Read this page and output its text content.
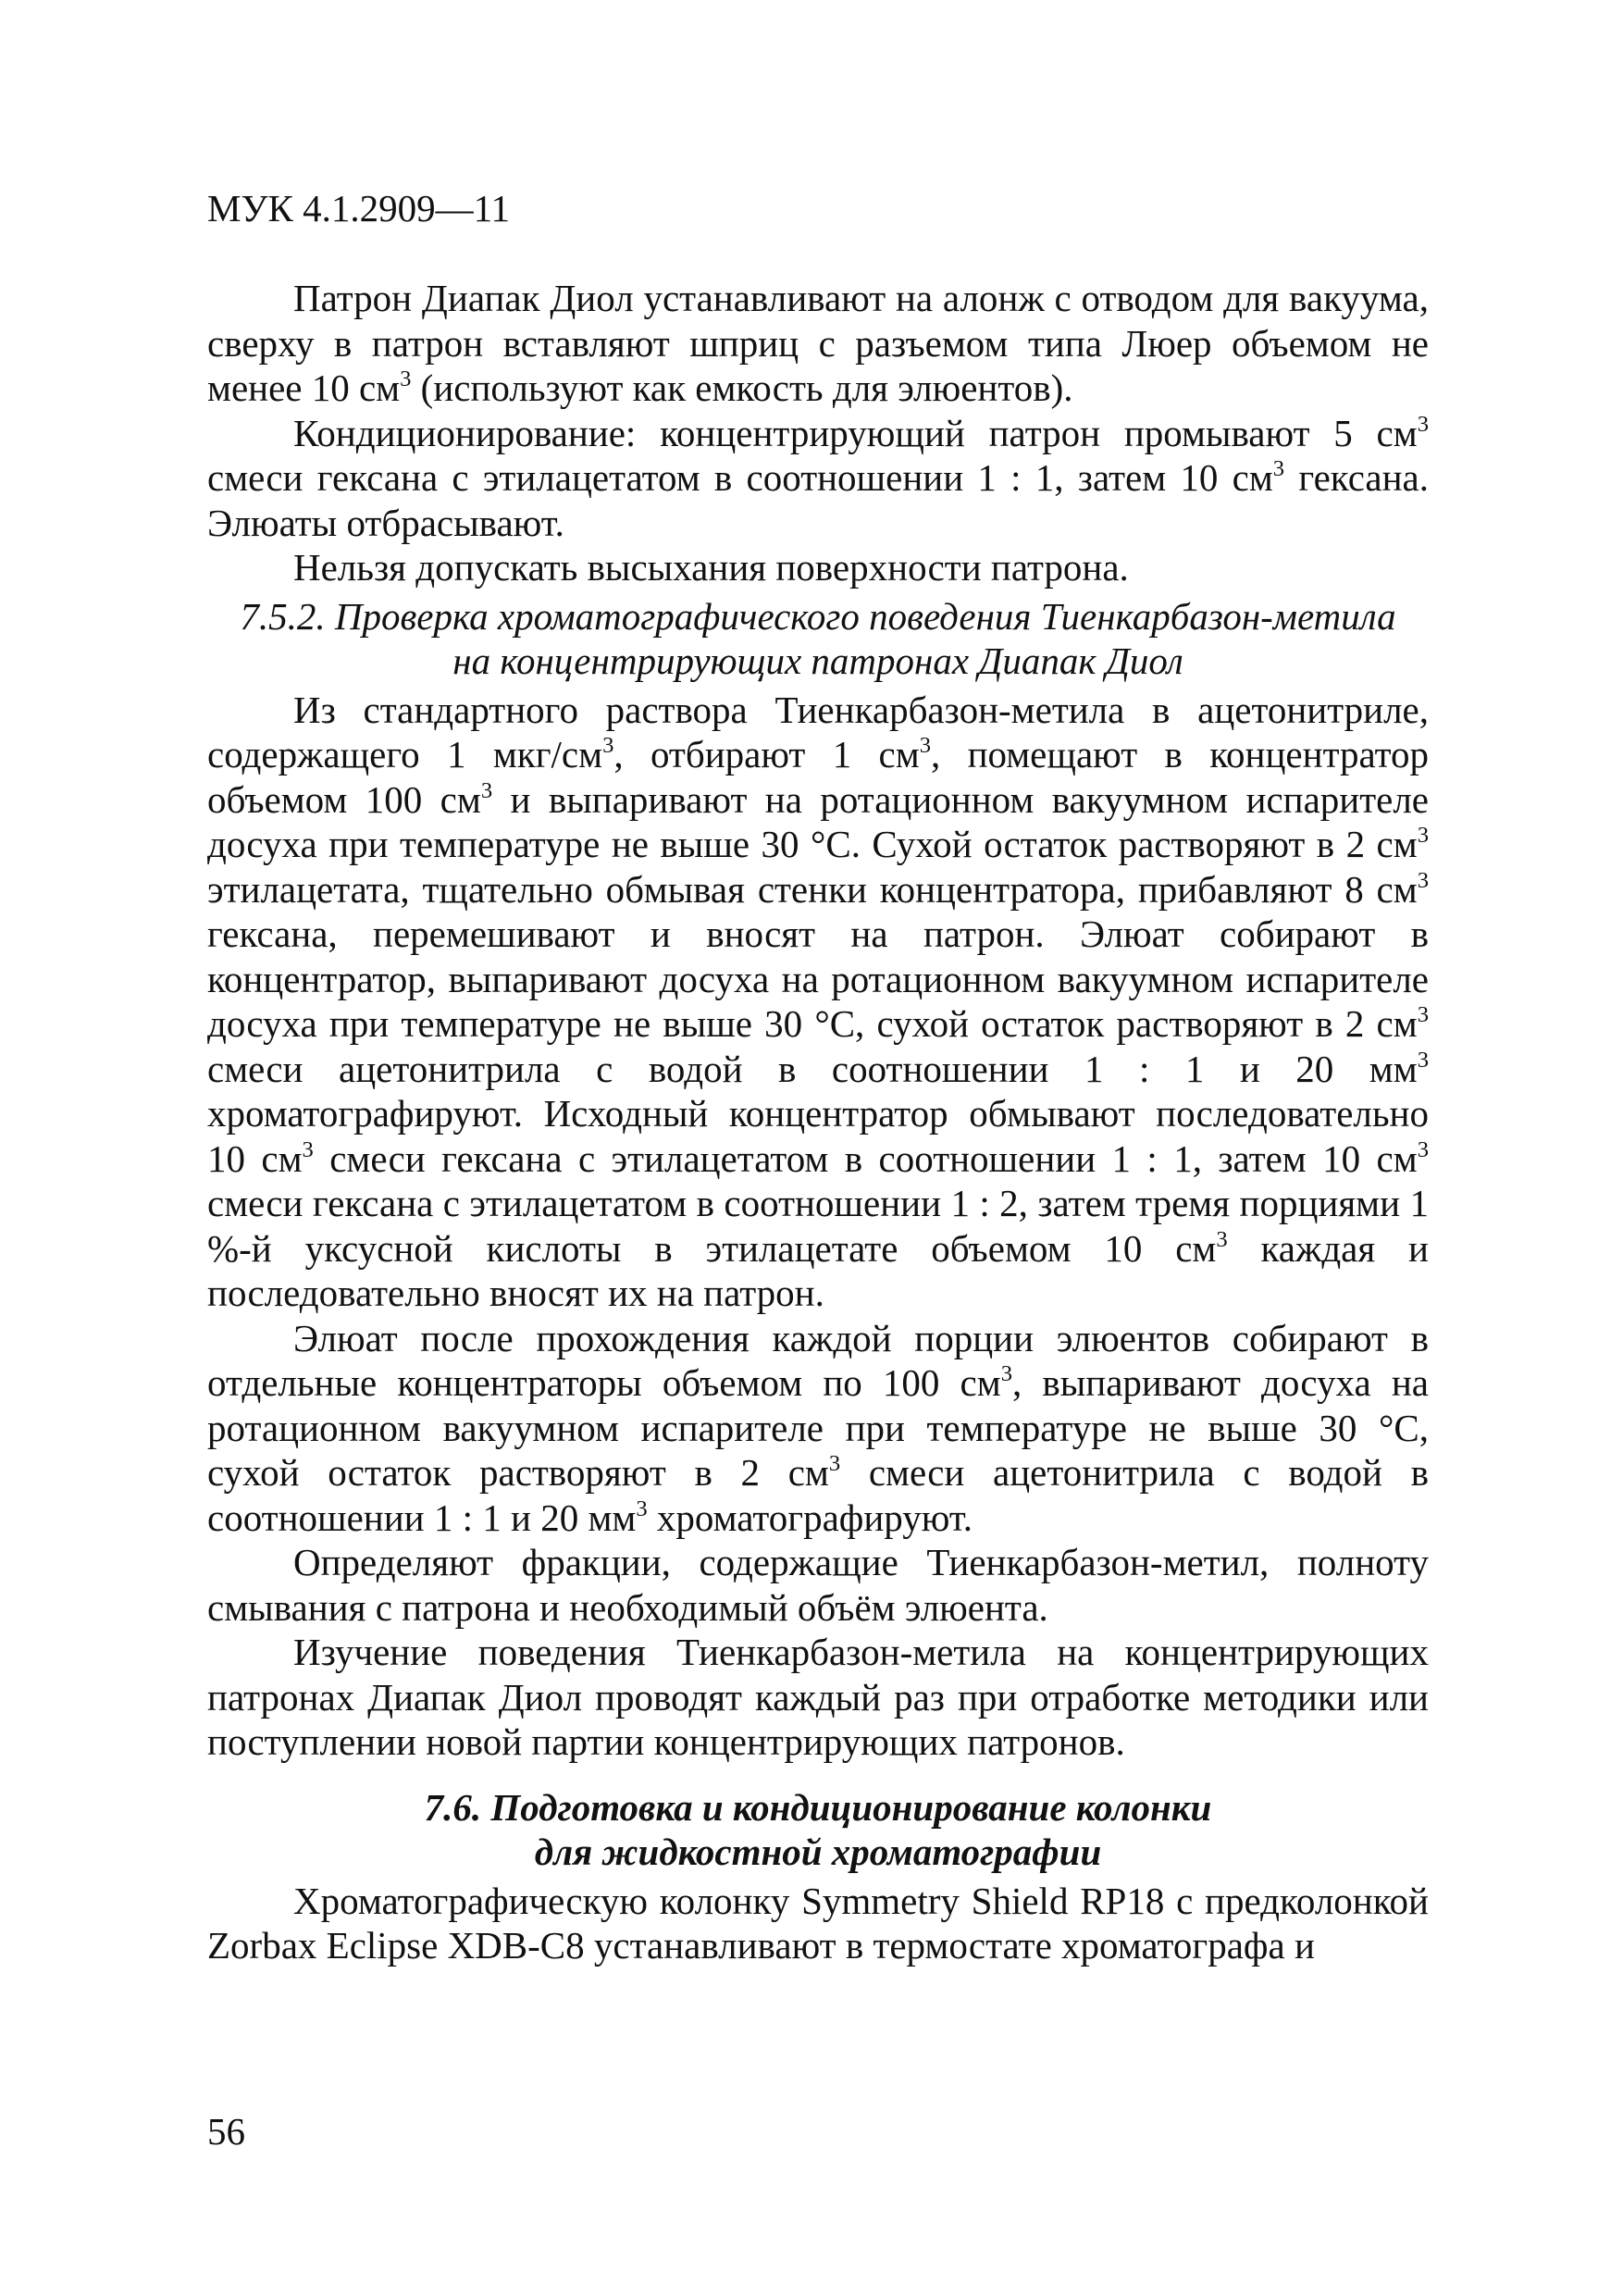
МУК 4.1.2909—11

Патрон Диапак Диол устанавливают на алонж с отводом для вакуума, сверху в патрон вставляют шприц с разъемом типа Люер объемом не менее 10 $см^3$ (используют как емкость для элюентов).

Кондиционирование: концентрирующий патрон промывают 5 $см^3$ смеси гексана с этилацетатом в соотношении 1 : 1, затем 10 $см^3$ гексана. Элюаты отбрасывают.

Нельзя допускать высыхания поверхности патрона.

7.5.2. Проверка хроматографического поведения Тиенкарбазон-метила
на концентрирующих патронах Диапак Диол

Из стандартного раствора Тиенкарбазон-метила в ацетонитриле, содержащего 1 мкг/$см^3$, отбирают 1 $см^3$, помещают в концентратор объемом 100 $см^3$ и выпаривают на ротационном вакуумном испарителе досуха при температуре не выше 30 °С. Сухой остаток растворяют в 2 $см^3$ этилацетата, тщательно обмывая стенки концентратора, прибавляют 8 $см^3$ гексана, перемешивают и вносят на патрон. Элюат собирают в концентратор, выпаривают досуха на ротационном вакуумном испарителе досуха при температуре не выше 30 °С, сухой остаток растворяют в 2 $см^3$ смеси ацетонитрила с водой в соотношении 1 : 1 и 20 $мм^3$ хроматографируют. Исходный концентратор обмывают последовательно 10 $см^3$ смеси гексана с этилацетатом в соотношении 1 : 1, затем 10 $см^3$ смеси гексана с этилацетатом в соотношении 1 : 2, затем тремя порциями 1 %-й уксусной кислоты в этилацетате объемом 10 $см^3$ каждая и последовательно вносят их на патрон.

Элюат после прохождения каждой порции элюентов собирают в отдельные концентраторы объемом по 100 $см^3$, выпаривают досуха на ротационном вакуумном испарителе при температуре не выше 30 °С, сухой остаток растворяют в 2 $см^3$ смеси ацетонитрила с водой в соотношении 1 : 1 и 20 $мм^3$ хроматографируют.

Определяют фракции, содержащие Тиенкарбазон-метил, полноту смывания с патрона и необходимый объём элюента.

Изучение поведения Тиенкарбазон-метила на концентрирующих патронах Диапак Диол проводят каждый раз при отработке методики или поступлении новой партии концентрирующих патронов.

7.6. Подготовка и кондиционирование колонки
для жидкостной хроматографии

Хроматографическую колонку Symmetry Shield RP18 с предколонкой Zorbax Eclipse XDB-C8 устанавливают в термостате хроматографа и

56
